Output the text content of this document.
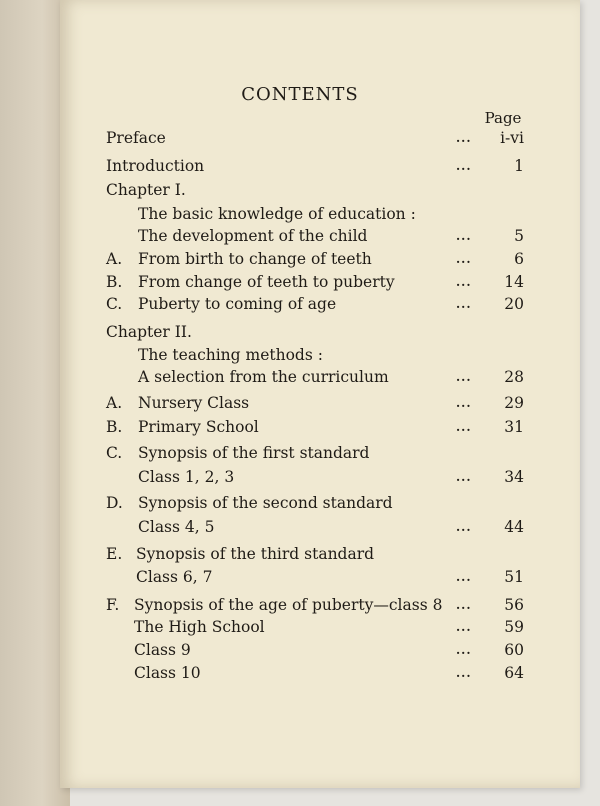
CONTENTS
Page
Preface	... i-vi
Introduction	...	1
Chapter I.
The basic knowledge of education :
The development of the child	...	5
A. From birth to change of teeth	...	6
B. From change of teeth to puberty	... 14
C. Puberty to coming of age	... 20
Chapter II.
The teaching methods :
A selection from the curriculum	... 28
A. Nursery Class	... 29
B. Primary School	... 31
C. Synopsis of the first standard
Class 1, 2, 3	... 34
D. Synopsis of the second standard
Class 4, 5	... 44
E. Synopsis of the third standard
Class 6, 7	... 51
F. Synopsis of the age of puberty—class 8 ... 56
The High School	... 59
Class 9	... 60
Class 10	... 64
